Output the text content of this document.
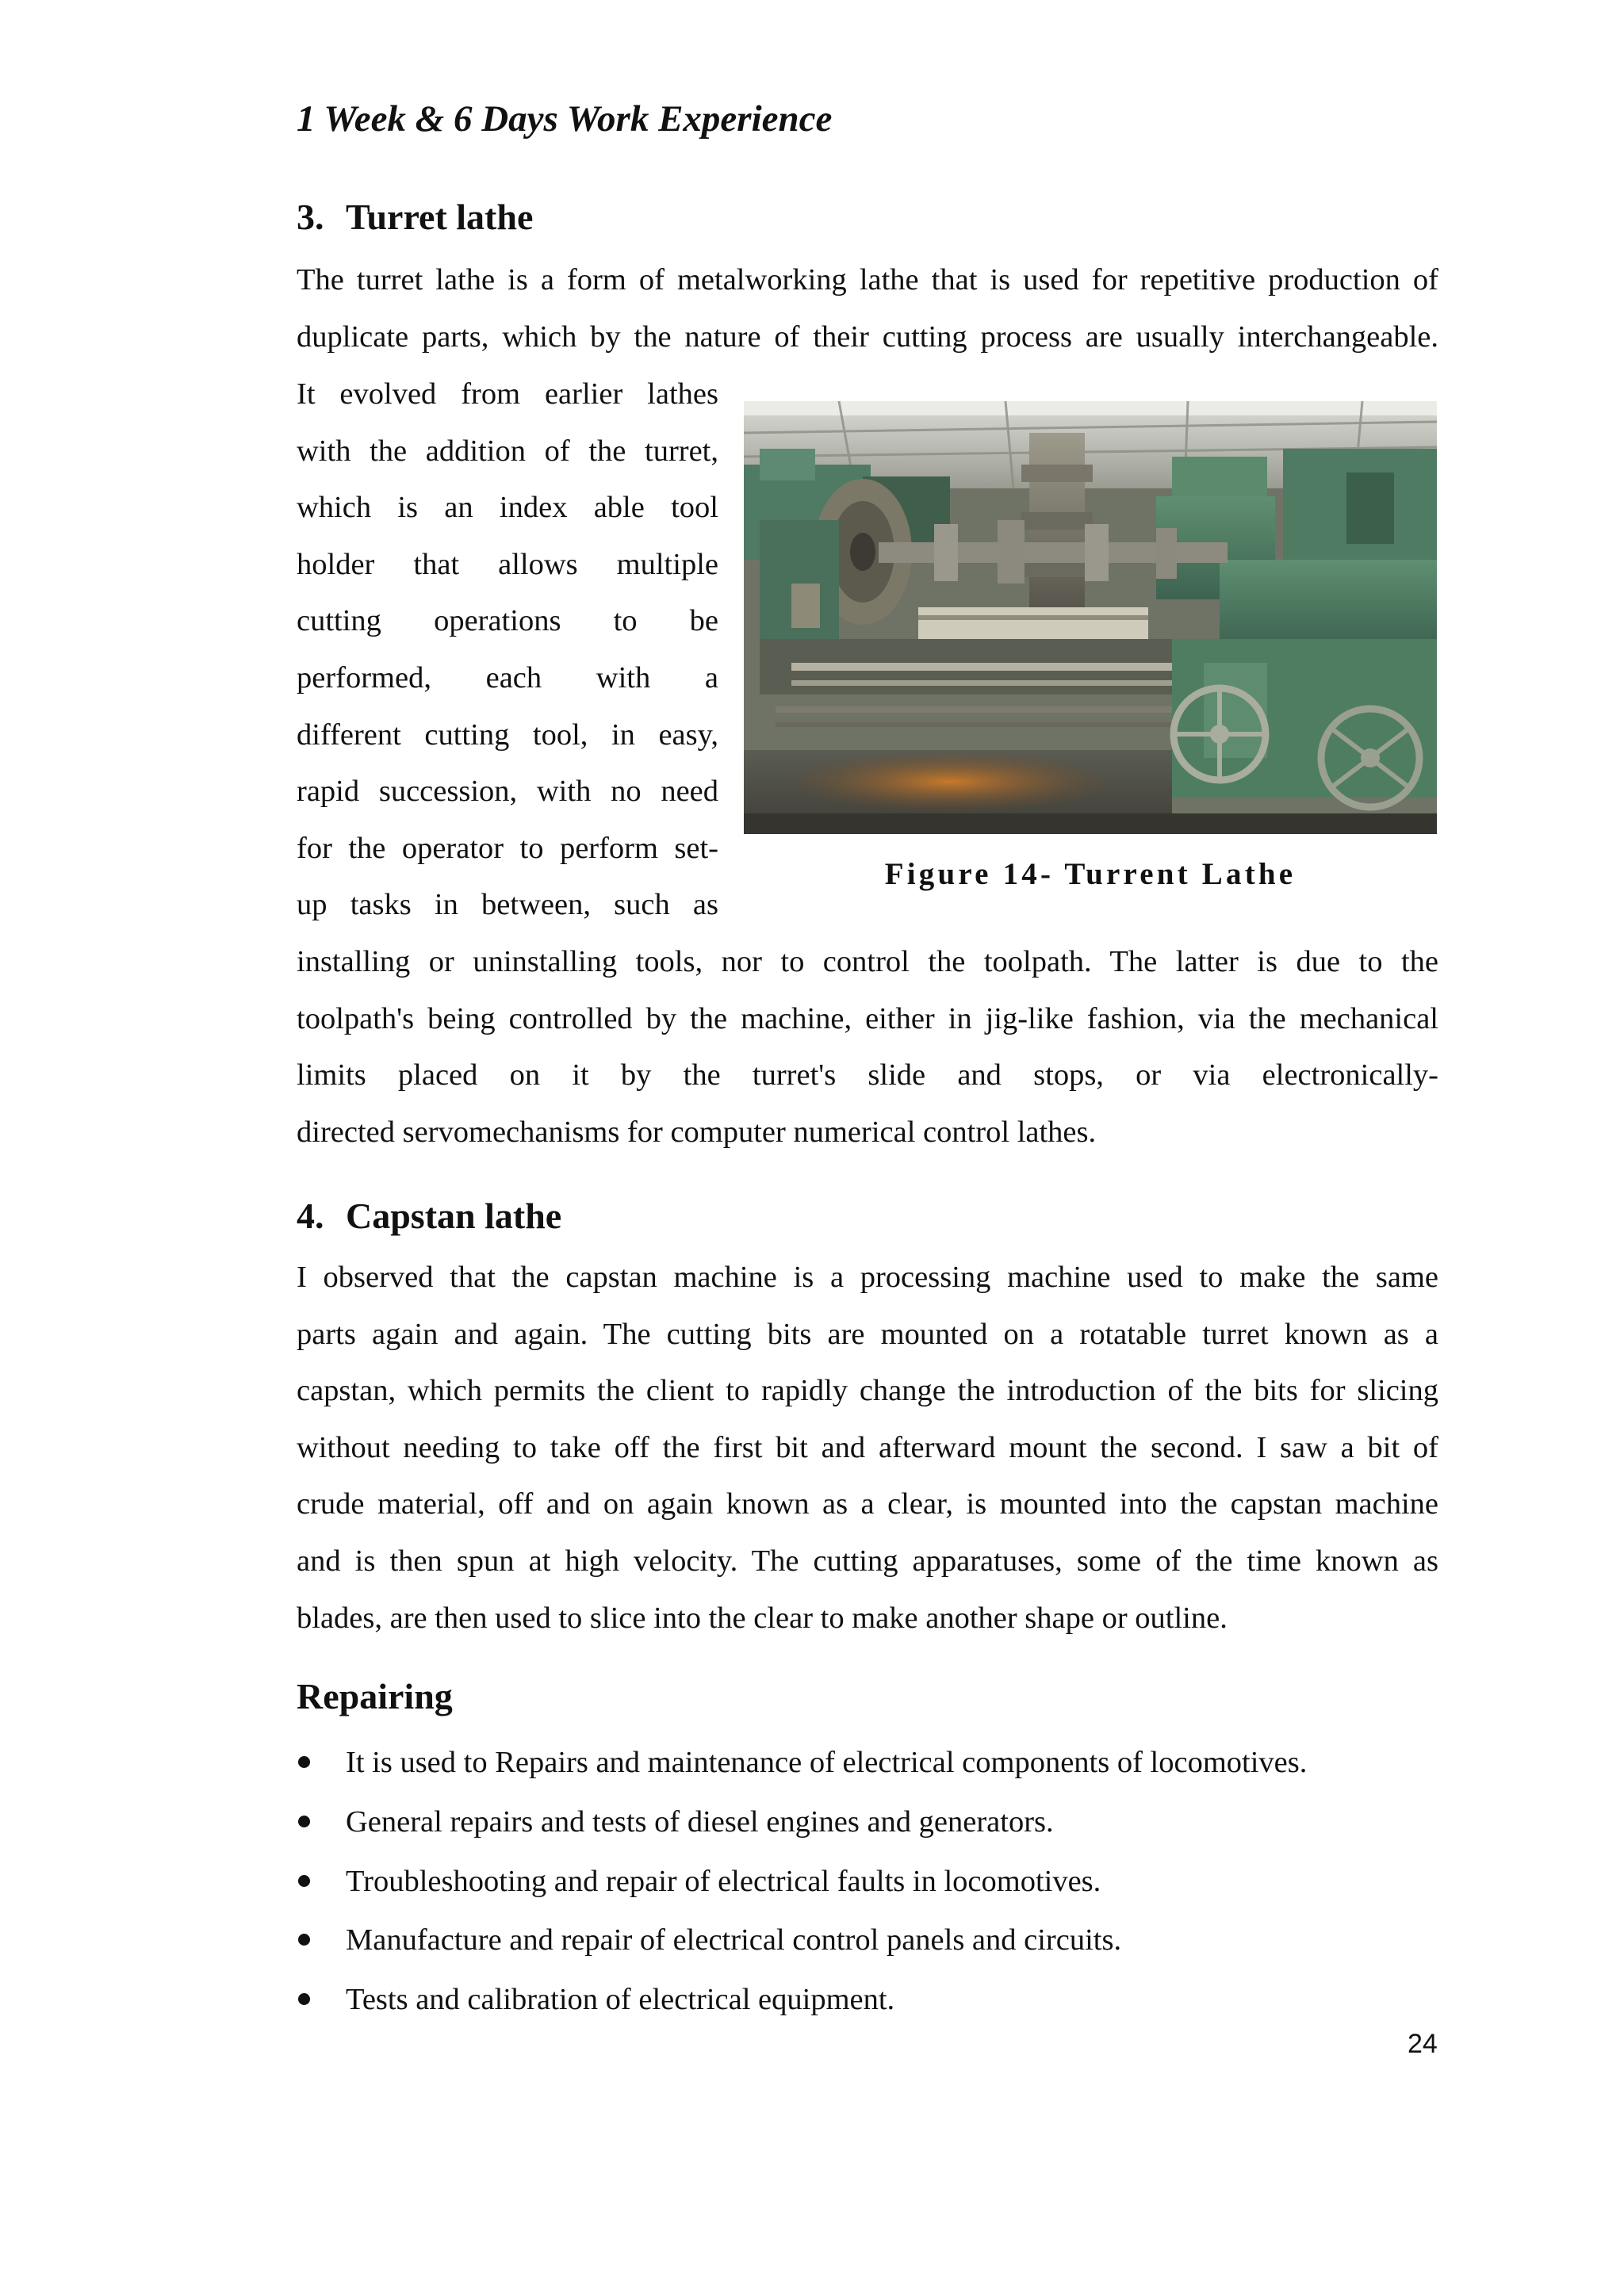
1 Week & 6 Days Work Experience
3. Turret lathe
The turret lathe is a form of metalworking lathe that is used for repetitive production of
duplicate parts, which by the nature of their cutting process are usually interchangeable.
It evolved from earlier lathes
with the addition of the turret,
which is an index able tool
holder that allows multiple
cutting operations to be
performed, each with a
different cutting tool, in easy,
rapid succession, with no need
for the operator to perform set-
up tasks in between, such as
Figure 14- Turrent Lathe
installing or uninstalling tools, nor to control the toolpath. The latter is due to the
toolpath's being controlled by the machine, either in jig-like fashion, via the mechanical
limits placed on it by the turret's slide and stops, or via electronically-
directed servomechanisms for computer numerical control lathes.
4. Capstan lathe
I observed that the capstan machine is a processing machine used to make the same
parts again and again. The cutting bits are mounted on a rotatable turret known as a
capstan, which permits the client to rapidly change the introduction of the bits for slicing
without needing to take off the first bit and afterward mount the second. I saw a bit of
crude material, off and on again known as a clear, is mounted into the capstan machine
and is then spun at high velocity. The cutting apparatuses, some of the time known as
blades, are then used to slice into the clear to make another shape or outline.
Repairing
It is used to Repairs and maintenance of electrical components of locomotives.
General repairs and tests of diesel engines and generators.
Troubleshooting and repair of electrical faults in locomotives.
Manufacture and repair of electrical control panels and circuits.
Tests and calibration of electrical equipment.
24
